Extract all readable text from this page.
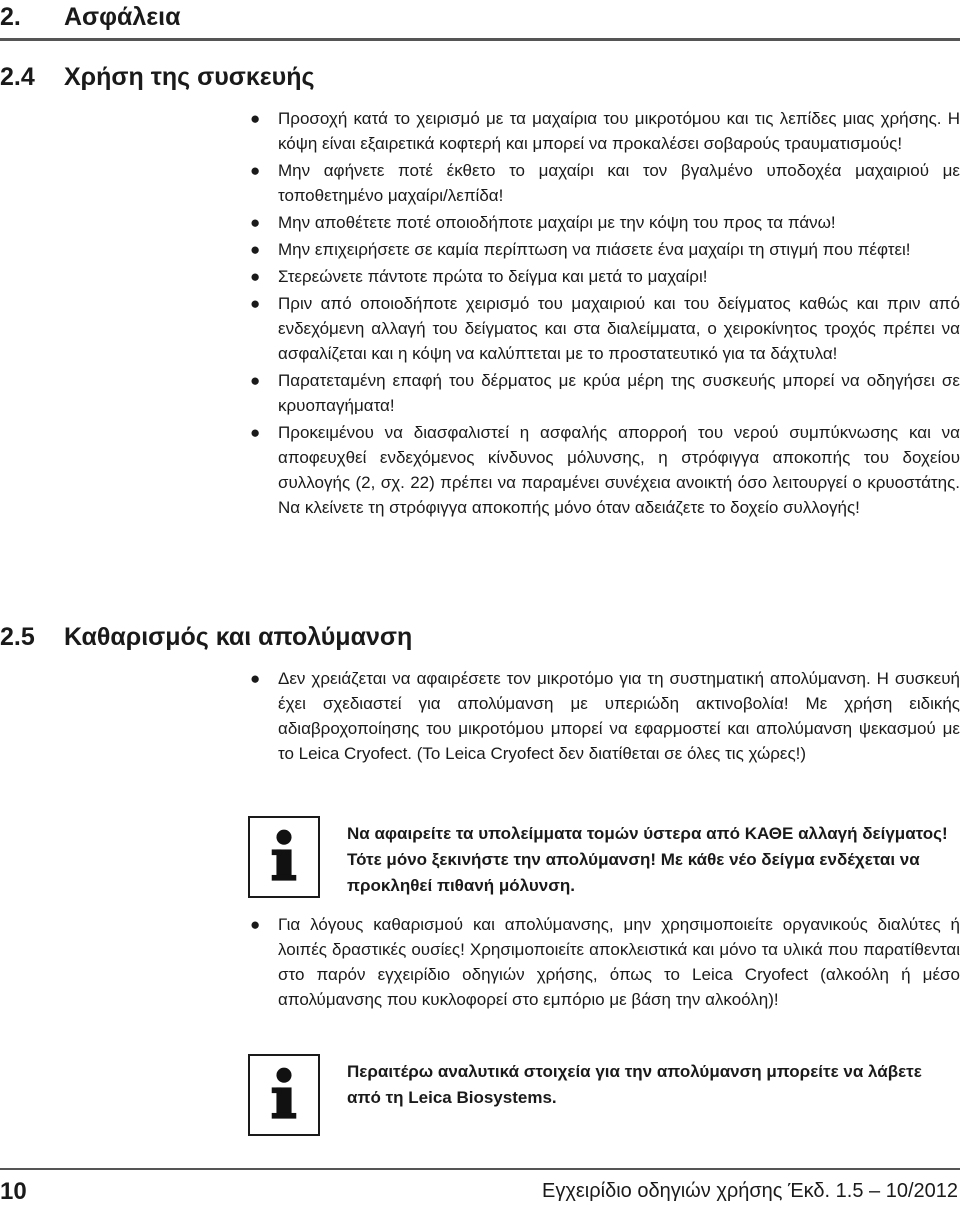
2. Ασφάλεια
2.4 Χρήση της συσκευής
● Προσοχή κατά το χειρισμό με τα μαχαίρια του μικροτόμου και τις λεπίδες μιας χρήσης. Η κόψη είναι εξαιρετικά κοφτερή και μπορεί να προκαλέσει σοβαρούς τραυματισμούς!
● Μην αφήνετε ποτέ έκθετο το μαχαίρι και τον βγαλμένο υποδοχέα μαχαιριού με τοποθετημένο μαχαίρι/λεπίδα!
● Μην αποθέτετε ποτέ οποιοδήποτε μαχαίρι με την κόψη του προς τα πάνω!
● Μην επιχειρήσετε σε καμία περίπτωση να πιάσετε ένα μαχαίρι τη στιγμή που πέφτει!
● Στερεώνετε πάντοτε πρώτα το δείγμα και μετά το μαχαίρι!
● Πριν από οποιοδήποτε χειρισμό του μαχαιριού και του δείγματος καθώς και πριν από ενδεχόμενη αλλαγή του δείγματος και στα διαλείμματα, ο χειροκίνητος τροχός πρέπει να ασφαλίζεται και η κόψη να καλύπτεται με το προστατευτικό για τα δάχτυλα!
● Παρατεταμένη επαφή του δέρματος με κρύα μέρη της συσκευής μπορεί να οδηγήσει σε κρυοπαγήματα!
● Προκειμένου να διασφαλιστεί η ασφαλής απορροή του νερού συμπύκνωσης και να αποφευχθεί ενδεχόμενος κίνδυνος μόλυνσης, η στρόφιγγα αποκοπής του δοχείου συλλογής (2, σχ. 22) πρέπει να παραμένει συνέχεια ανοικτή όσο λειτουργεί ο κρυοστάτης. Να κλείνετε τη στρόφιγγα αποκοπής μόνο όταν αδειάζετε το δοχείο συλλογής!
2.5 Καθαρισμός και απολύμανση
● Δεν χρειάζεται να αφαιρέσετε τον μικροτόμο για τη συστηματική απολύμανση. Η συσκευή έχει σχεδιαστεί για απολύμανση με υπεριώδη ακτινοβολία! Με χρήση ειδικής αδιαβροχοποίησης του μικροτόμου μπορεί να εφαρμοστεί και απολύμανση ψεκασμού με το Leica Cryofect. (Το Leica Cryofect δεν διατίθεται σε όλες τις χώρες!)

Να αφαιρείτε τα υπολείμματα τομών ύστερα από ΚΑΘΕ αλλαγή δείγματος! Τότε μόνο ξεκινήστε την απολύμανση! Με κάθε νέο δείγμα ενδέχεται να προκληθεί πιθανή μόλυνση.

● Για λόγους καθαρισμού και απολύμανσης, μην χρησιμοποιείτε οργανικούς διαλύτες ή λοιπές δραστικές ουσίες! Χρησιμοποιείτε αποκλειστικά και μόνο τα υλικά που παρατίθενται στο παρόν εγχειρίδιο οδηγιών χρήσης, όπως το Leica Cryofect (αλκοόλη ή μέσο απολύμανσης που κυκλοφορεί στο εμπόριο με βάση την αλκοόλη)!

Περαιτέρω αναλυτικά στοιχεία για την απολύμανση μπορείτε να λάβετε από τη Leica Biosystems.

10	Εγχειρίδιο οδηγιών χρήσης Έκδ. 1.5 – 10/2012
